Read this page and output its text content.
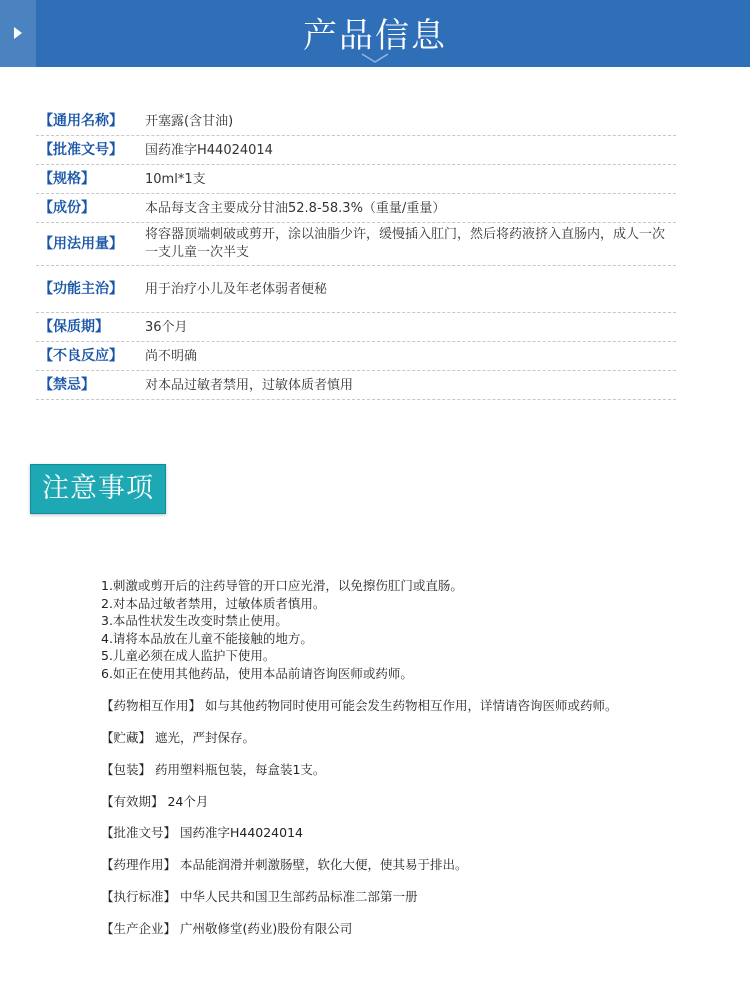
产品信息
【通用名称】 开塞露(含甘油)
【批准文号】 国药准字H44024014
【规格】	10ml*1支
【成份】	本品每支含主要成分甘油52.8-58.3%（重量/重量）
【用法用量】
将容器顶端刺破或剪开，涂以油脂少许，缓慢插入肛门，然后将药液挤入直肠内，成人一次一支儿童一次半支
【功能主治】 用于治疗小儿及年老体弱者便秘
【保质期】	36个月
【不良反应】 尚不明确
【禁忌】	对本品过敏者禁用，过敏体质者慎用
注意事项
1.刺激或剪开后的注药导管的开口应光滑，以免擦伤肛门或直肠。
2.对本品过敏者禁用，过敏体质者慎用。
3.本品性状发生改变时禁止使用。
4.请将本品放在儿童不能接触的地方。
5.儿童必须在成人监护下使用。
6.如正在使用其他药品，使用本品前请咨询医师或药师。
【药物相互作用】 如与其他药物同时使用可能会发生药物相互作用，详情请咨询医师或药师。
【贮藏】 遮光，严封保存。
【包装】 药用塑料瓶包装，每盒装1支。
【有效期】 24个月
【批准文号】 国药准字H44024014
【药理作用】 本品能润滑并刺激肠壁，软化大便，使其易于排出。
【执行标准】 中华人民共和国卫生部药品标准二部第一册
【生产企业】 广州敬修堂(药业)股份有限公司
